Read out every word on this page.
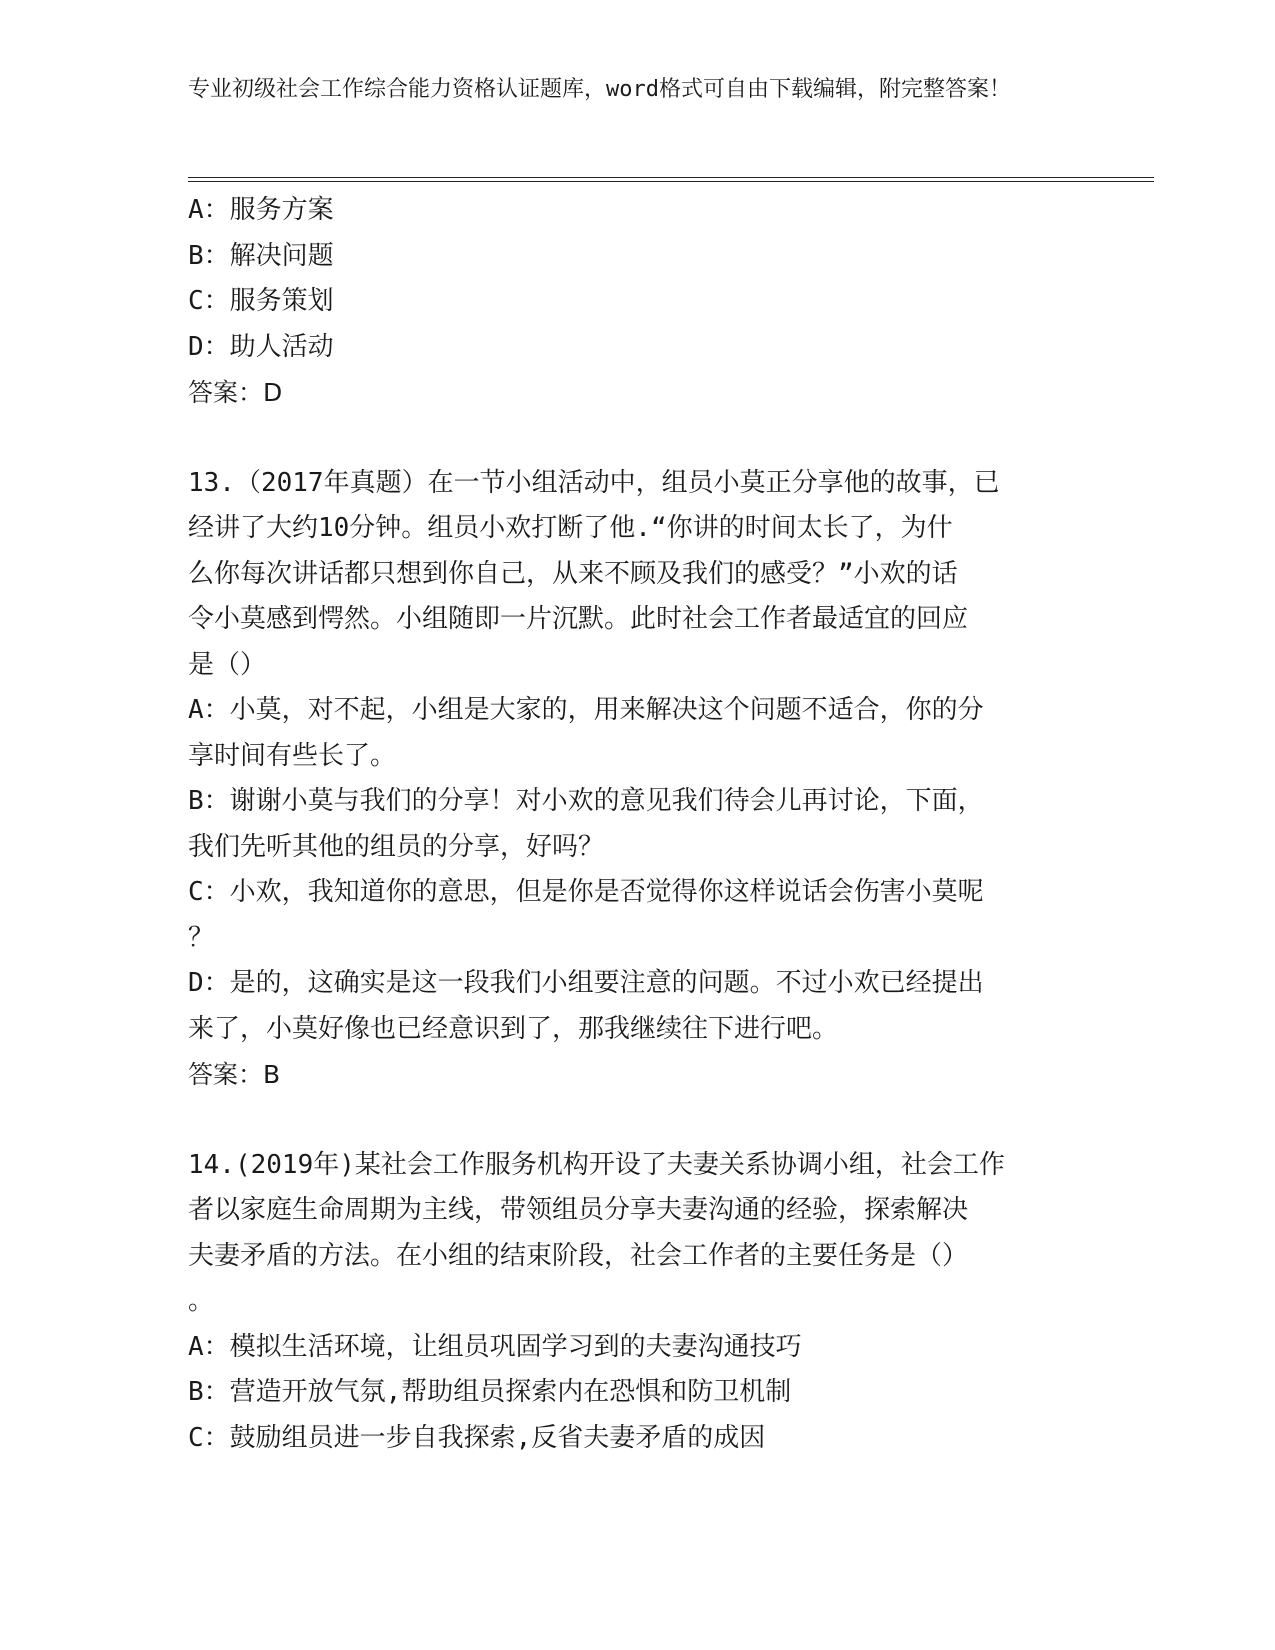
专业初级社会工作综合能力资格认证题库，word格式可自由下载编辑，附完整答案！

A：服务方案

B：解决问题

C：服务策划

D：助人活动

答案：D

13.（2017年真题）在一节小组活动中，组员小莫正分享他的故事，已

经讲了大约10分钟。组员小欢打断了他.“你讲的时间太长了，为什

么你每次讲话都只想到你自己，从来不顾及我们的感受？”小欢的话

令小莫感到愕然。小组随即一片沉默。此时社会工作者最适宜的回应

是（）

A：小莫，对不起，小组是大家的，用来解决这个问题不适合，你的分

享时间有些长了。

B：谢谢小莫与我们的分享！对小欢的意见我们待会儿再讨论，下面，

我们先听其他的组员的分享，好吗？

C：小欢，我知道你的意思，但是你是否觉得你这样说话会伤害小莫呢

？

D：是的，这确实是这一段我们小组要注意的问题。不过小欢已经提出

来了，小莫好像也已经意识到了，那我继续往下进行吧。

答案：B

14.(2019年)某社会工作服务机构开设了夫妻关系协调小组，社会工作

者以家庭生命周期为主线，带领组员分享夫妻沟通的经验，探索解决

夫妻矛盾的方法。在小组的结束阶段，社会工作者的主要任务是（）

。

A：模拟生活环境，让组员巩固学习到的夫妻沟通技巧

B：营造开放气氛,帮助组员探索内在恐惧和防卫机制

C：鼓励组员进一步自我探索,反省夫妻矛盾的成因
